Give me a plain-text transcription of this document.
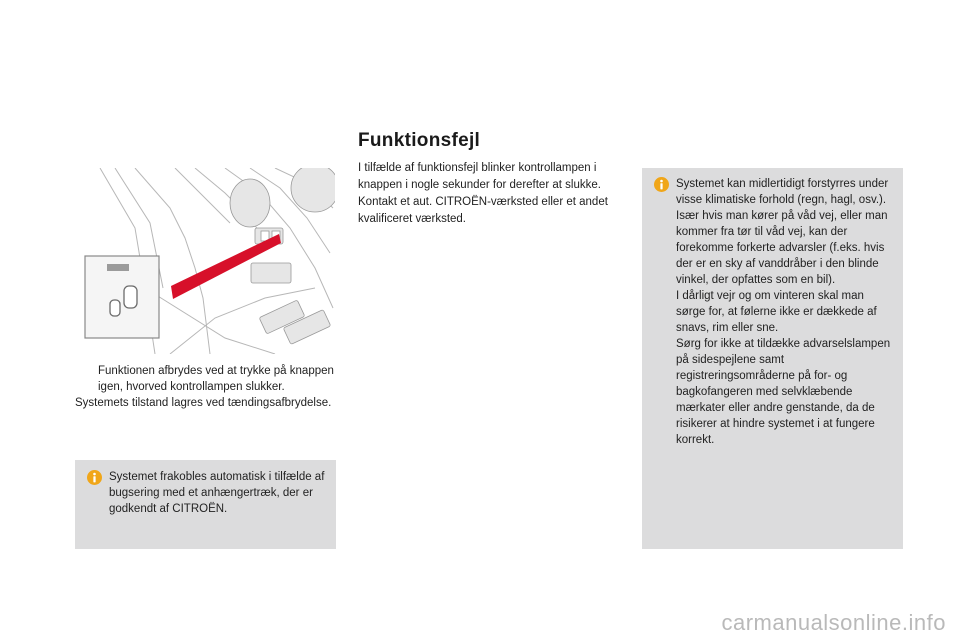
Funktionen afbrydes ved at trykke på knappen igen, hvorved kontrollampen slukker.
Systemets tilstand lagres ved tændingsafbrydelse.
Systemet frakobles automatisk i tilfælde af bugsering med et anhængertræk, der er godkendt af CITROËN.
Funktionsfejl
I tilfælde af funktionsfejl blinker kontrollampen i knappen i nogle sekunder for derefter at slukke. Kontakt et aut. CITROËN-værksted eller et andet kvalificeret værksted.
Systemet kan midlertidigt forstyrres under visse klimatiske forhold (regn, hagl, osv.).
Især hvis man kører på våd vej, eller man kommer fra tør til våd vej, kan der forekomme forkerte advarsler (f.eks. hvis der er en sky af vanddråber i den blinde vinkel, der opfattes som en bil).
I dårligt vejr og om vinteren skal man sørge for, at følerne ikke er dækkede af snavs, rim eller sne.
Sørg for ikke at tildække advarselslampen på sidespejlene samt registreringsområderne på for- og bagkofangeren med selvklæbende mærkater eller andre genstande, da de risikerer at hindre systemet i at fungere korrekt.
carmanualsonline.info
